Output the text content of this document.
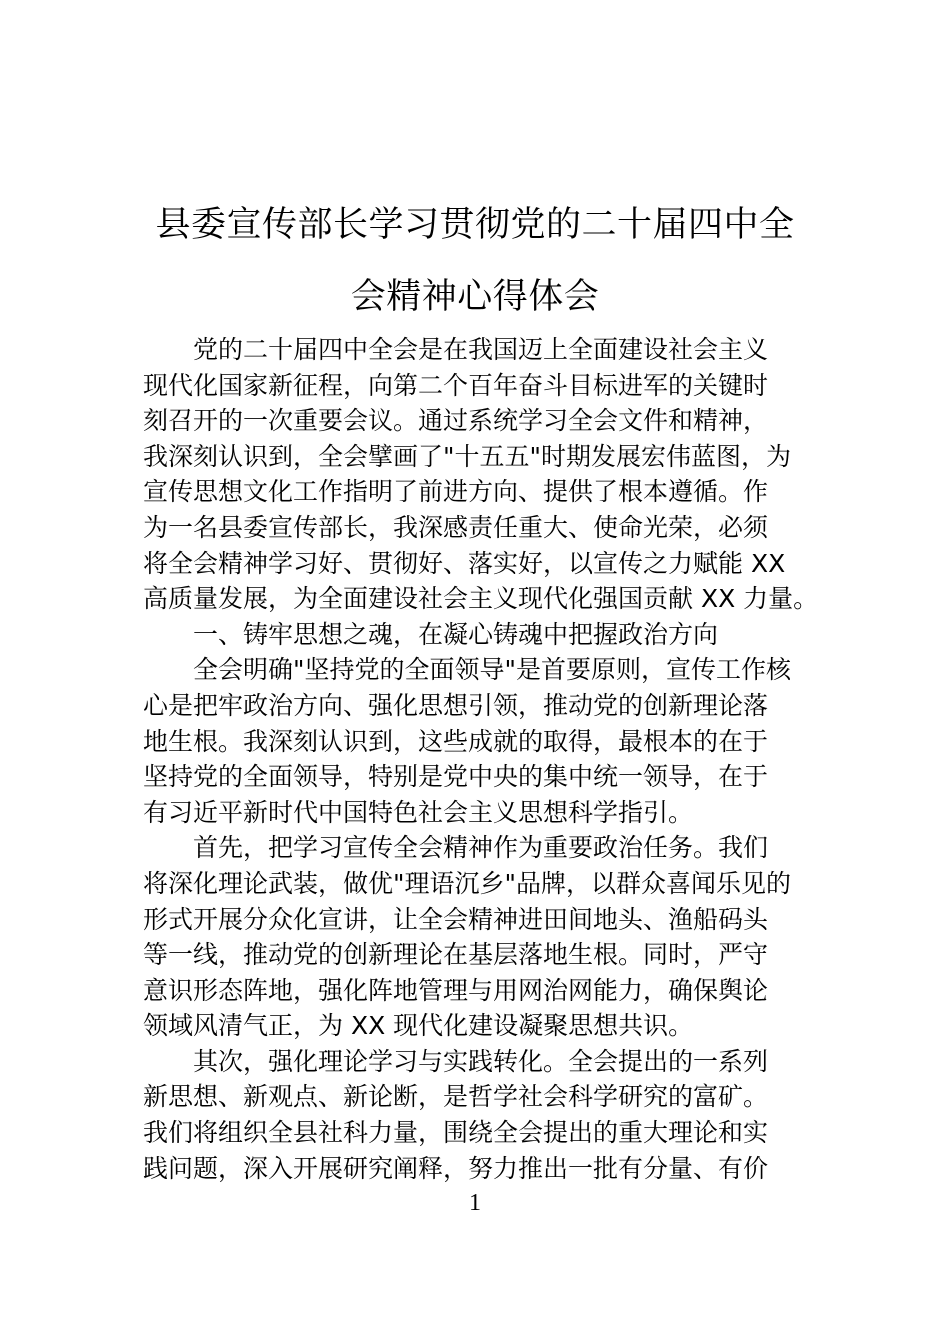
县委宣传部长学习贯彻党的二十届四中全
会精神心得体会

党的二十届四中全会是在我国迈上全面建设社会主义
现代化国家新征程，向第二个百年奋斗目标进军的关键时
刻召开的一次重要会议。通过系统学习全会文件和精神，
我深刻认识到，全会擘画了"十五五"时期发展宏伟蓝图，为
宣传思想文化工作指明了前进方向、提供了根本遵循。作
为一名县委宣传部长，我深感责任重大、使命光荣，必须
将全会精神学习好、贯彻好、落实好，以宣传之力赋能 XX
高质量发展，为全面建设社会主义现代化强国贡献 XX 力量。

一、铸牢思想之魂，在凝心铸魂中把握政治方向

全会明确"坚持党的全面领导"是首要原则，宣传工作核
心是把牢政治方向、强化思想引领，推动党的创新理论落
地生根。我深刻认识到，这些成就的取得，最根本的在于
坚持党的全面领导，特别是党中央的集中统一领导，在于
有习近平新时代中国特色社会主义思想科学指引。

首先，把学习宣传全会精神作为重要政治任务。我们
将深化理论武装，做优"理语沉乡"品牌，以群众喜闻乐见的
形式开展分众化宣讲，让全会精神进田间地头、渔船码头
等一线，推动党的创新理论在基层落地生根。同时，严守
意识形态阵地，强化阵地管理与用网治网能力，确保舆论
领域风清气正，为 XX 现代化建设凝聚思想共识。

其次，强化理论学习与实践转化。全会提出的一系列
新思想、新观点、新论断，是哲学社会科学研究的富矿。
我们将组织全县社科力量，围绕全会提出的重大理论和实
践问题，深入开展研究阐释，努力推出一批有分量、有价

1
